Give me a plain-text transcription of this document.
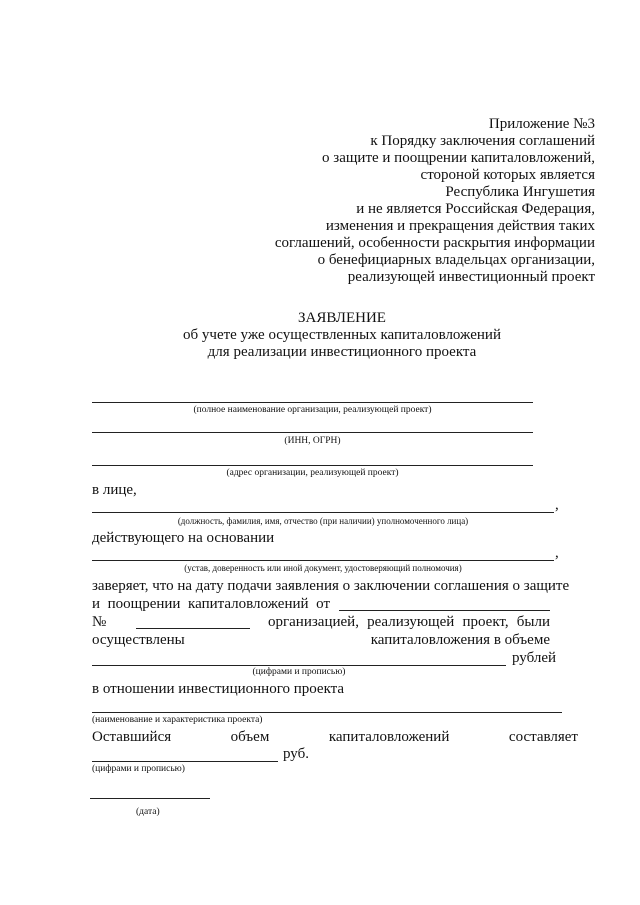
Приложение №3
к Порядку заключения соглашений
о защите и поощрении капиталовложений,
стороной которых является
Республика Ингушетия
и не является Российская Федерация,
изменения и прекращения действия таких
соглашений, особенности раскрытия информации
о бенефициарных владельцах организации,
реализующей инвестиционный проект
ЗАЯВЛЕНИЕ
об учете уже осуществленных капиталовложений
для реализации инвестиционного проекта
(полное наименование организации, реализующей проект)
(ИНН, ОГРН)
(адрес организации, реализующей проект)
в лице,
,
(должность, фамилия, имя, отчество (при наличии) уполномоченного лица)
действующего на основании
,
(устав, доверенность или иной документ, удостоверяющий полномочия)
заверяет, что на дату подачи заявления о заключении соглашения о защите
и поощрении капиталовложений от
№	организацией, реализующей проект, были
осуществлены	капиталовложения в объеме
рублей
(цифрами и прописью)
в отношении инвестиционного проекта
(наименование и характеристика проекта)
Оставшийся	объем	капиталовложений	составляет
руб.
(цифрами и прописью)
(дата)
